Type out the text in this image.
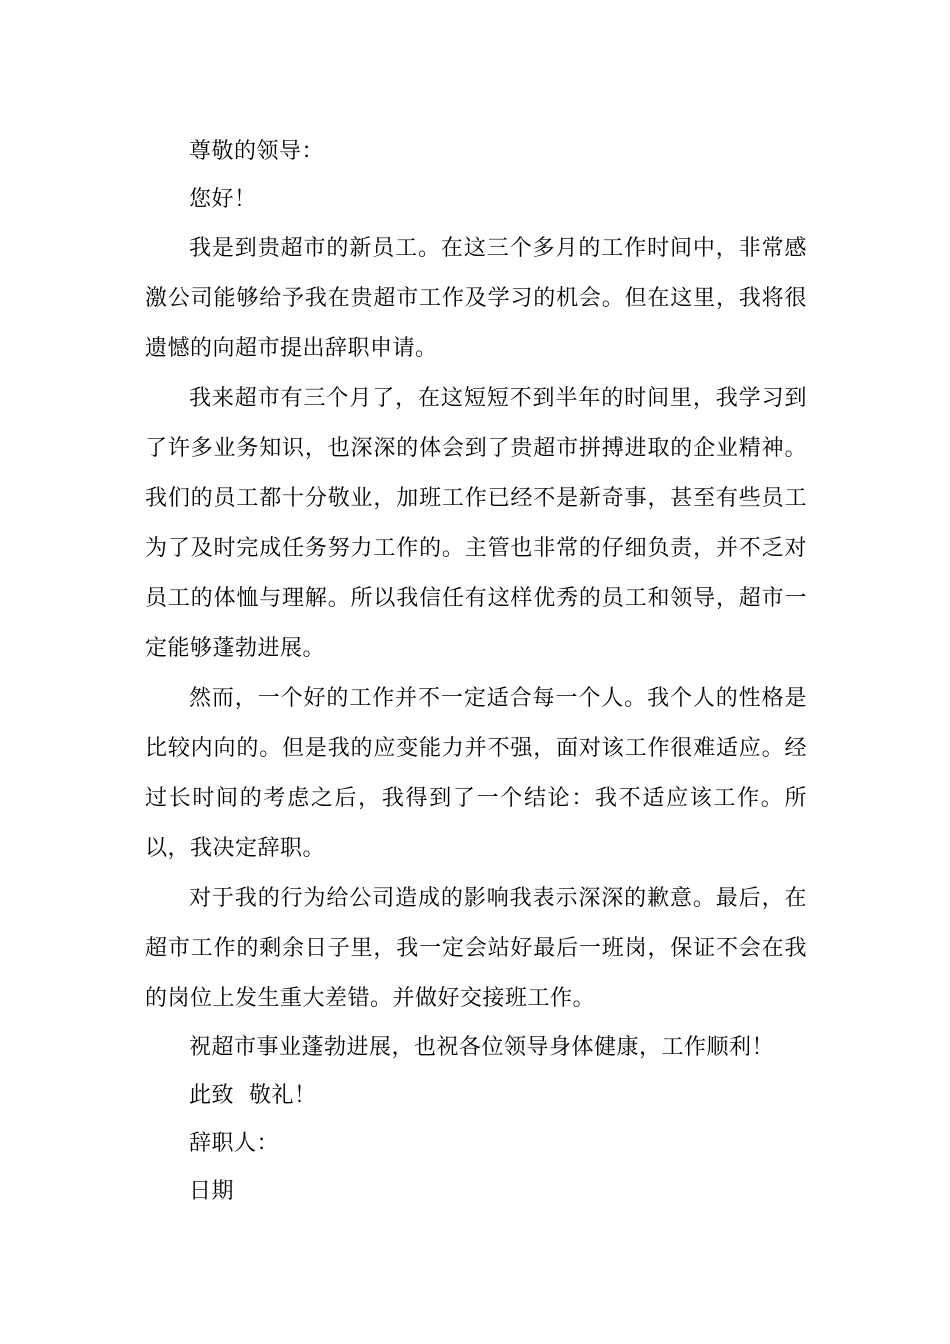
尊敬的领导：

您好！

我是到贵超市的新员工。在这三个多月的工作时间中，非常感激公司能够给予我在贵超市工作及学习的机会。但在这里，我将很遗憾的向超市提出辞职申请。

我来超市有三个月了，在这短短不到半年的时间里，我学习到了许多业务知识，也深深的体会到了贵超市拼搏进取的企业精神。我们的员工都十分敬业，加班工作已经不是新奇事，甚至有些员工为了及时完成任务努力工作的。主管也非常的仔细负责，并不乏对员工的体恤与理解。所以我信任有这样优秀的员工和领导，超市一定能够蓬勃进展。

然而，一个好的工作并不一定适合每一个人。我个人的性格是比较内向的。但是我的应变能力并不强，面对该工作很难适应。经过长时间的考虑之后，我得到了一个结论：我不适应该工作。所以，我决定辞职。

对于我的行为给公司造成的影响我表示深深的歉意。最后，在超市工作的剩余日子里，我一定会站好最后一班岗，保证不会在我的岗位上发生重大差错。并做好交接班工作。

祝超市事业蓬勃进展，也祝各位领导身体健康，工作顺利！

此致  敬礼！

辞职人：

日期
